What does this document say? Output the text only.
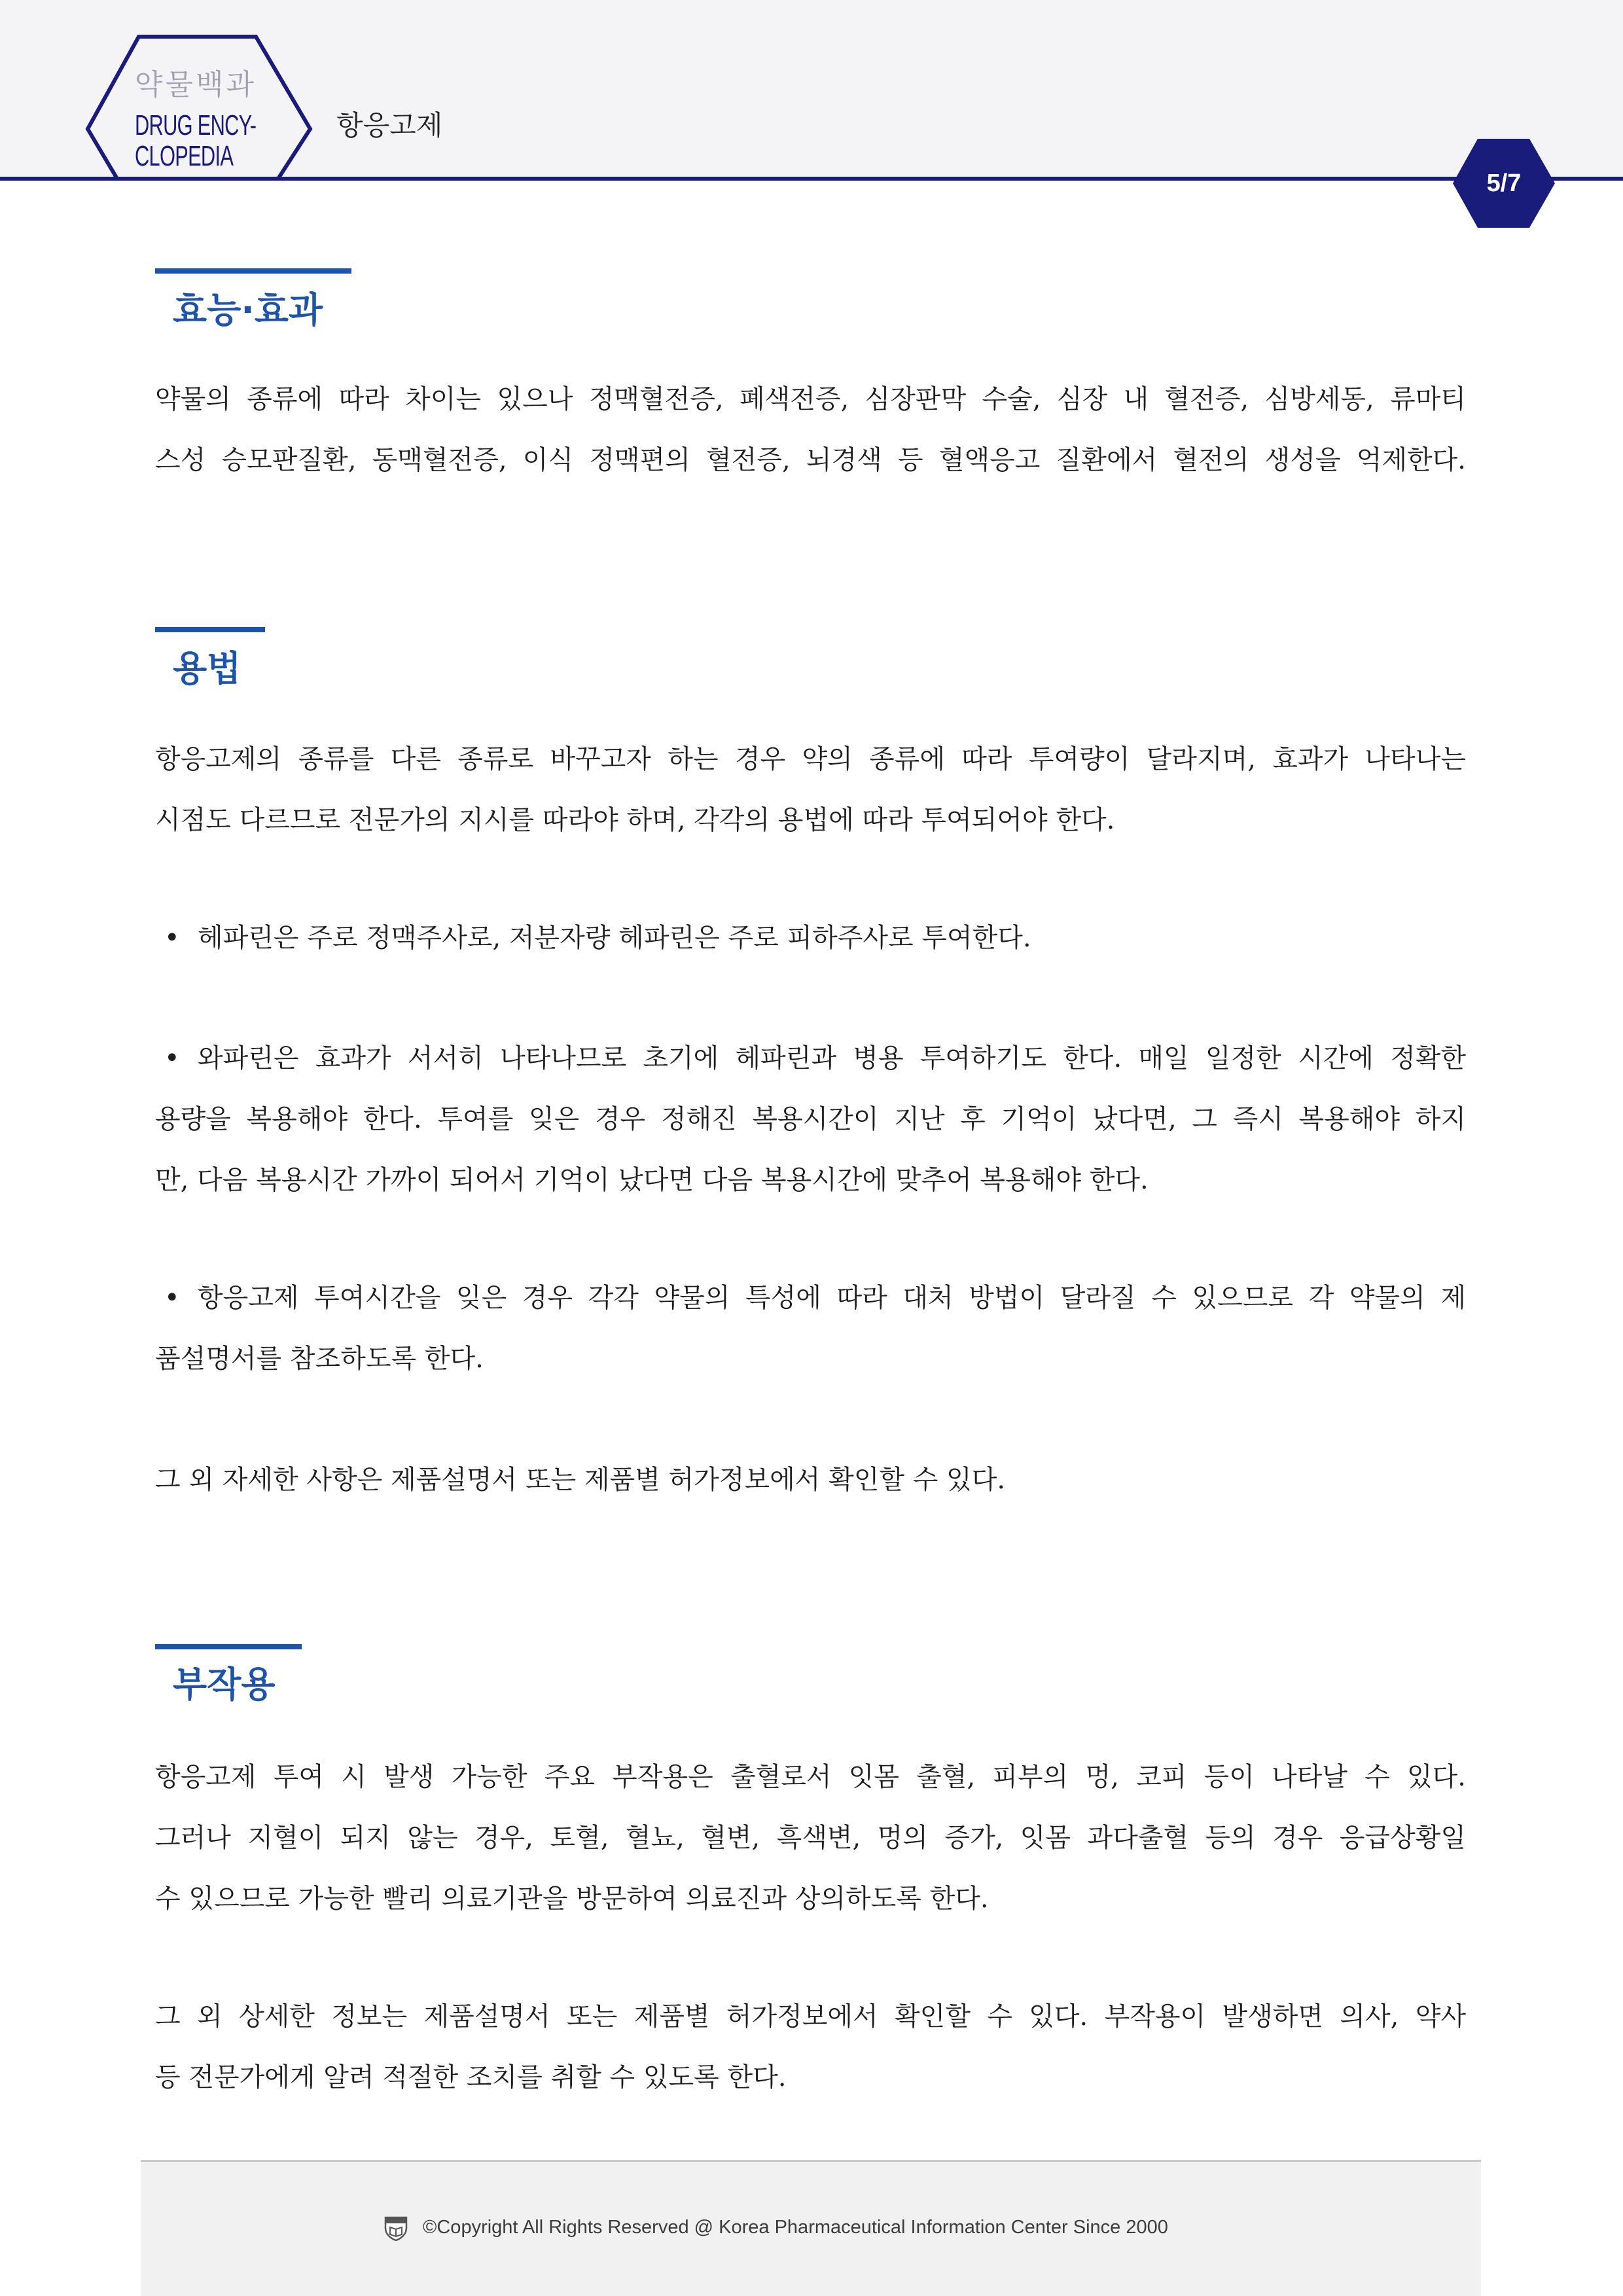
약물백과
DRUG ENCY-
CLOPEDIA
항응고제
5/7
효능·효과
약물의 종류에 따라 차이는 있으나 정맥혈전증, 폐색전증, 심장판막 수술, 심장 내 혈전증, 심방세동, 류마티
스성 승모판질환, 동맥혈전증, 이식 정맥편의 혈전증, 뇌경색 등 혈액응고 질환에서 혈전의 생성을 억제한다.
용법
항응고제의 종류를 다른 종류로 바꾸고자 하는 경우 약의 종류에 따라 투여량이 달라지며, 효과가 나타나는
시점도 다르므로 전문가의 지시를 따라야 하며, 각각의 용법에 따라 투여되어야 한다.
• 헤파린은 주로 정맥주사로, 저분자량 헤파린은 주로 피하주사로 투여한다.
• 와파린은 효과가 서서히 나타나므로 초기에 헤파린과 병용 투여하기도 한다. 매일 일정한 시간에 정확한
용량을 복용해야 한다. 투여를 잊은 경우 정해진 복용시간이 지난 후 기억이 났다면, 그 즉시 복용해야 하지
만, 다음 복용시간 가까이 되어서 기억이 났다면 다음 복용시간에 맞추어 복용해야 한다.
• 항응고제 투여시간을 잊은 경우 각각 약물의 특성에 따라 대처 방법이 달라질 수 있으므로 각 약물의 제
품설명서를 참조하도록 한다.
그 외 자세한 사항은 제품설명서 또는 제품별 허가정보에서 확인할 수 있다.
부작용
항응고제 투여 시 발생 가능한 주요 부작용은 출혈로서 잇몸 출혈, 피부의 멍, 코피 등이 나타날 수 있다.
그러나 지혈이 되지 않는 경우, 토혈, 혈뇨, 혈변, 흑색변, 멍의 증가, 잇몸 과다출혈 등의 경우 응급상황일
수 있으므로 가능한 빨리 의료기관을 방문하여 의료진과 상의하도록 한다.
그 외 상세한 정보는 제품설명서 또는 제품별 허가정보에서 확인할 수 있다. 부작용이 발생하면 의사, 약사
등 전문가에게 알려 적절한 조치를 취할 수 있도록 한다.
©Copyright All Rights Reserved @ Korea Pharmaceutical Information Center Since 2000
